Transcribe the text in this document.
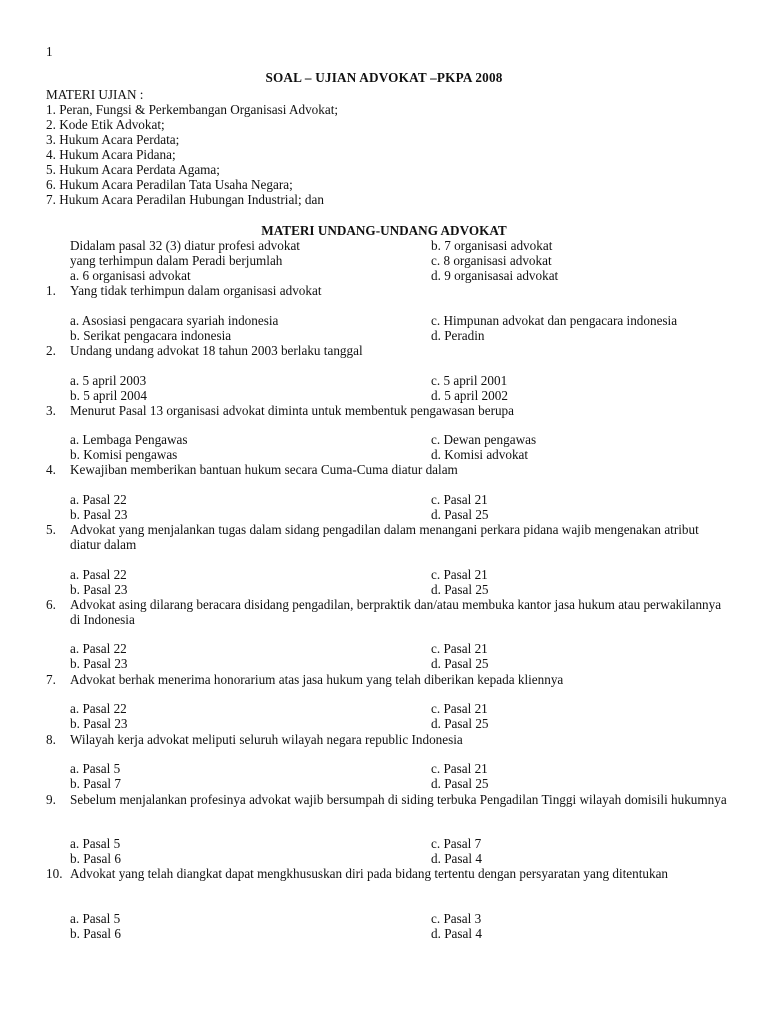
1
SOAL – UJIAN ADVOKAT –PKPA 2008
MATERI UJIAN :
1. Peran, Fungsi & Perkembangan Organisasi Advokat;
2. Kode Etik Advokat;
3. Hukum Acara Perdata;
4. Hukum Acara Pidana;
5. Hukum Acara Perdata Agama;
6. Hukum Acara Peradilan Tata Usaha Negara;
7. Hukum Acara Peradilan Hubungan Industrial; dan
MATERI UNDANG-UNDANG ADVOKAT
Didalam pasal 32 (3) diatur profesi advokat	b. 7 organisasi advokat
yang terhimpun dalam Peradi berjumlah	c. 8 organisasi advokat
a. 6 organisasi advokat	d. 9 organisasai advokat
1.	Yang tidak terhimpun dalam organisasi advokat
a. Asosiasi pengacara syariah indonesia	c. Himpunan advokat dan pengacara indonesia
b. Serikat pengacara indonesia	d. Peradin
2.	Undang undang advokat 18 tahun 2003 berlaku tanggal
a. 5 april 2003	c. 5 april 2001
b. 5 april 2004	d. 5 april 2002
3.	Menurut Pasal 13 organisasi advokat diminta untuk membentuk pengawasan berupa
a. Lembaga Pengawas	c. Dewan pengawas
b. Komisi pengawas	d. Komisi advokat
4.	Kewajiban memberikan bantuan hukum secara Cuma-Cuma diatur dalam
a. Pasal 22	c. Pasal 21
b. Pasal 23	d. Pasal 25
5.	Advokat yang menjalankan tugas dalam sidang pengadilan dalam menangani perkara pidana wajib mengenakan atribut diatur dalam
a. Pasal 22	c. Pasal 21
b. Pasal 23	d. Pasal 25
6.	Advokat asing dilarang beracara disidang pengadilan, berpraktik dan/atau membuka kantor jasa hukum atau perwakilannya di Indonesia
a. Pasal 22	c. Pasal 21
b. Pasal 23	d. Pasal 25
7.	Advokat berhak menerima honorarium atas jasa hukum yang telah diberikan kepada kliennya
a. Pasal 22	c. Pasal 21
b. Pasal 23	d. Pasal 25
8.	Wilayah kerja advokat meliputi seluruh wilayah negara republic Indonesia
a. Pasal 5	c. Pasal 21
b. Pasal 7	d. Pasal 25
9.	Sebelum menjalankan profesinya advokat wajib bersumpah di siding terbuka Pengadilan Tinggi wilayah domisili hukumnya
a. Pasal 5	c. Pasal 7
b. Pasal 6	d. Pasal 4
10. Advokat yang telah diangkat dapat mengkhususkan diri pada bidang tertentu dengan persyaratan yang ditentukan
a. Pasal 5	c. Pasal 3
b. Pasal 6	d. Pasal 4
